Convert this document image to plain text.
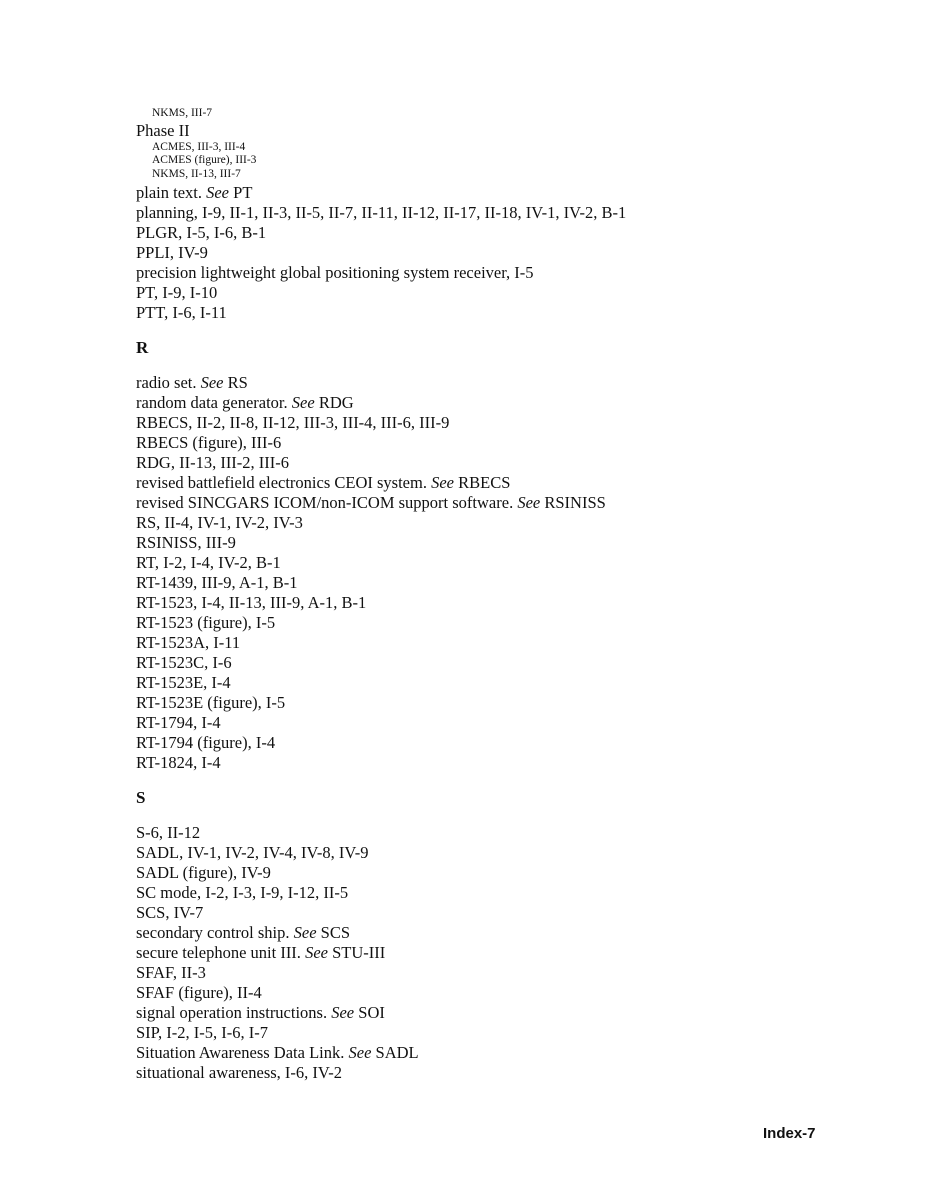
NKMS, III-7
Phase II
ACMES, III-3, III-4
ACMES (figure), III-3
NKMS, II-13, III-7
plain text. See PT
planning, I-9, II-1, II-3, II-5, II-7, II-11, II-12, II-17, II-18, IV-1, IV-2, B-1
PLGR, I-5, I-6, B-1
PPLI, IV-9
precision lightweight global positioning system receiver, I-5
PT, I-9, I-10
PTT, I-6, I-11
R
radio set. See RS
random data generator. See RDG
RBECS, II-2, II-8, II-12, III-3, III-4, III-6, III-9
RBECS (figure), III-6
RDG, II-13, III-2, III-6
revised battlefield electronics CEOI system. See RBECS
revised SINCGARS ICOM/non-ICOM support software. See RSINISS
RS, II-4, IV-1, IV-2, IV-3
RSINISS, III-9
RT, I-2, I-4, IV-2, B-1
RT-1439, III-9, A-1, B-1
RT-1523, I-4, II-13, III-9, A-1, B-1
RT-1523 (figure), I-5
RT-1523A, I-11
RT-1523C, I-6
RT-1523E, I-4
RT-1523E (figure), I-5
RT-1794, I-4
RT-1794 (figure), I-4
RT-1824, I-4
S
S-6, II-12
SADL, IV-1, IV-2, IV-4, IV-8, IV-9
SADL (figure), IV-9
SC mode, I-2, I-3, I-9, I-12, II-5
SCS, IV-7
secondary control ship. See SCS
secure telephone unit III. See STU-III
SFAF, II-3
SFAF (figure), II-4
signal operation instructions. See SOI
SIP, I-2, I-5, I-6, I-7
Situation Awareness Data Link. See SADL
situational awareness, I-6, IV-2
Index-7
